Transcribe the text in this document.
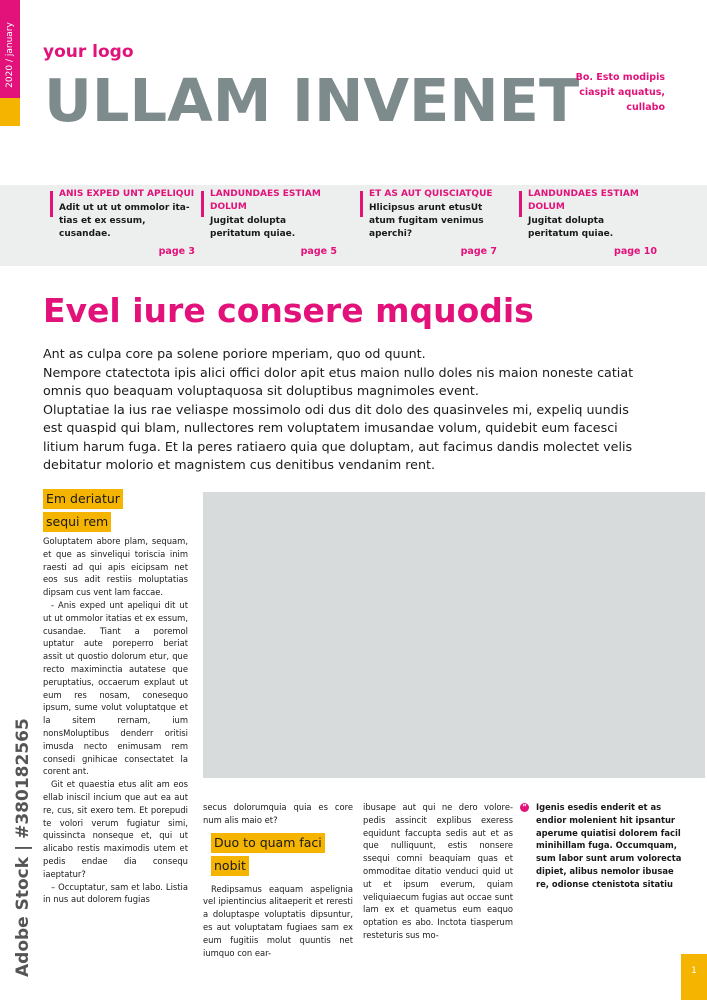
2020 / january your logo
ULLAM INVENET
Bo. Esto modipis
ciaspit aquatus,
cullabo
ANIS EXPED UNT APELIQUI
Adit ut ut ut ommolor itatias et ex essum, cusandae.
page 3
LANDUNDAES ESTIAM DOLUM
Jugitat dolupta peritatum quiae.
page 5
ET AS AUT QUISCIATQUE
Hlicipsus arunt etusUt atum fugitam venimus aperchi?
page 7
LANDUNDAES ESTIAM DOLUM
Jugitat dolupta peritatum quiae.
page 10
Evel iure consere mquodis
Ant as culpa core pa solene poriore mperiam, quo od quunt.
Nempore ctatectota ipis alici offici dolor apit etus maion nullo doles nis maion noneste catiat omnis quo beaquam voluptaquosa sit doluptibus magnimoles event.
Oluptatiae la ius rae veliaspe mossimolo odi dus dit dolo des quasinveles mi, expeliq uundis est quaspid qui blam, nullectores rem voluptatem imusandae volum, quidebit eum facesci litium harum fuga. Et la peres ratiaero quia que doluptam, aut facimus dandis molectet velis debitatur molorio et magnistem cus denitibus vendanim rent.
Em deriatur
sequi rem

Goluptatem abore plam, sequam, et que as sinveliqui toriscia inim raesti ad qui apis eicipsam net eos sus adit restiis moluptatias dipsam cus vent lam faccae.

- Anis exped unt apeliqui dit ut ut ut ommolor itatias et ex essum, cusandae. Tiant a poremol uptatur aute poreperro beriat assit ut quostio dolorum etur, que recto maximinctia autatese que peruptatius, occaerum explaut ut eum res nosam, conesequo ipsum, sume volut voluptatque et la sitem rernam, ium nonsMoluptibus denderr oritisi imusda necto enimusam rem consedi gnihicae consectatet la corent ant.

Git et quaestia etus alit am eos ellab iniscil incium que aut ea aut re, cus, sit exero tem. Et porepudi te volori verum fugiatur simi, quissincta nonseque et, qui ut alicabo restis maximodis utem et pedis endae dia consequ iaeptatur?

– Occuptatur, sam et labo. Listia in nus aut dolorem fugias

secus dolorumquia quia es core num alis maio et?

Duo to quam faci
nobit

Redipsamus eaquam aspelignia vel ipientincius alitaeperit et reresti a doluptaspe voluptatis dipsuntur, es aut voluptatam fugiaes sam ex eum fugitiis molut quuntis net iumquo con ear-

ibusape aut qui ne dero volorepedis assincit explibus exeress equidunt faccupta sedis aut et as que nulliquunt, estis nonsere ssequi comni beaquiam quas et ommoditae ditatio venduci quid ut ut et ipsum everum, quiam veliquiaecum fugias aut occae sunt lam ex et quametus eum eaquo optation es abo. Inctota tiasperum resteturis sus mo-

” Igenis esedis enderit et as endior molenient hit ipsantur aperume quiatisi dolorem facil minihillam fuga. Occumquam, sum labor sunt arum volorecta dipiet, alibus nemolor ibusae re, odionse ctenistota sitatiu
Adobe Stock | #380182565	1
